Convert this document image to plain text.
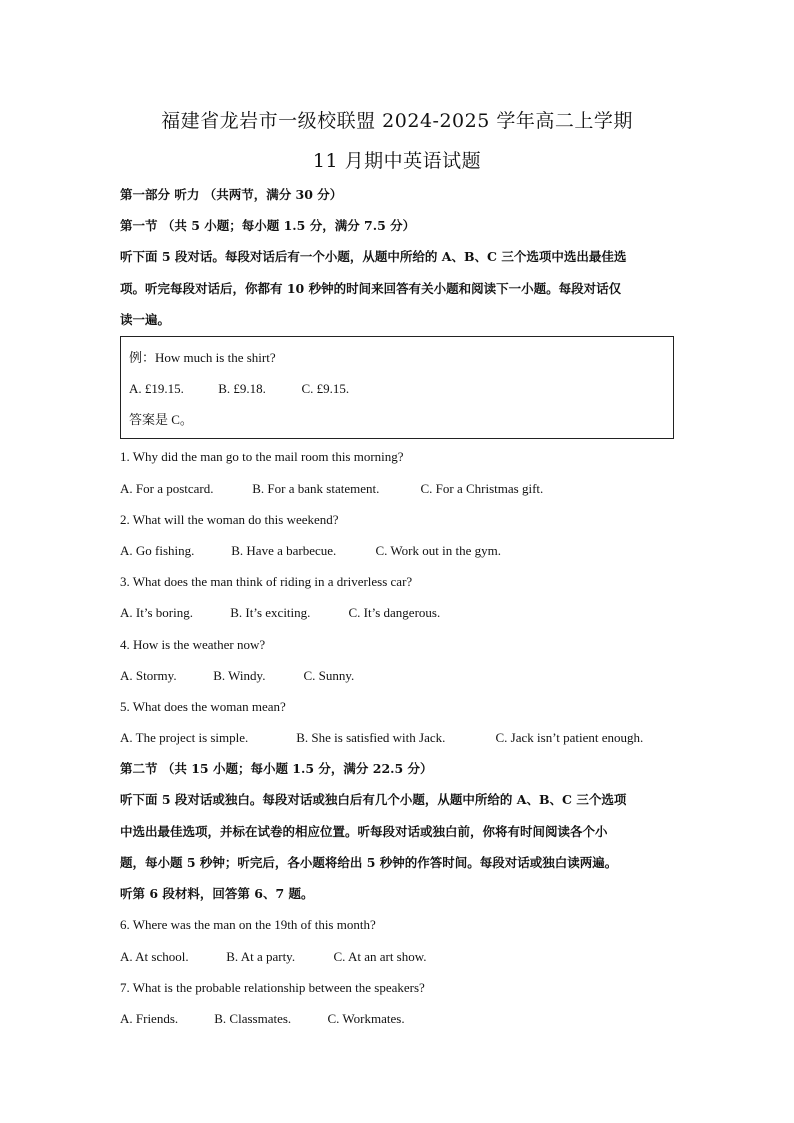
福建省龙岩市一级校联盟 2024-2025 学年高二上学期
11 月期中英语试题
第一部分 听力 （共两节，满分 30 分）
第一节 （共 5 小题；每小题 1.5 分，满分 7.5 分）
听下面 5 段对话。每段对话后有一个小题，从题中所给的 A、B、C 三个选项中选出最佳选
项。听完每段对话后，你都有 10 秒钟的时间来回答有关小题和阅读下一小题。每段对话仅
读一遍。
例：How much is the shirt?
A. £19.15.	B. £9.18.	C. £9.15.
答案是 C。
1. Why did the man go to the mail room this morning?
A. For a postcard.	B. For a bank statement.	C. For a Christmas gift.
2. What will the woman do this weekend?
A. Go fishing.	B. Have a barbecue.	C. Work out in the gym.
3. What does the man think of riding in a driverless car?
A. It’s boring.	B. It’s exciting.	C. It’s dangerous.
4. How is the weather now?
A. Stormy.	B. Windy.	C. Sunny.
5. What does the woman mean?
A. The project is simple.	B. She is satisfied with Jack.	C. Jack isn’t patient enough.
第二节 （共 15 小题；每小题 1.5 分，满分 22.5 分）
听下面 5 段对话或独白。每段对话或独白后有几个小题，从题中所给的 A、B、C 三个选项
中选出最佳选项，并标在试卷的相应位置。听每段对话或独白前，你将有时间阅读各个小
题，每小题 5 秒钟；听完后，各小题将给出 5 秒钟的作答时间。每段对话或独白读两遍。
听第 6 段材料，回答第 6、7 题。
6. Where was the man on the 19th of this month?
A. At school.	B. At a party.	C. At an art show.
7. What is the probable relationship between the speakers?
A. Friends.	B. Classmates.	C. Workmates.
